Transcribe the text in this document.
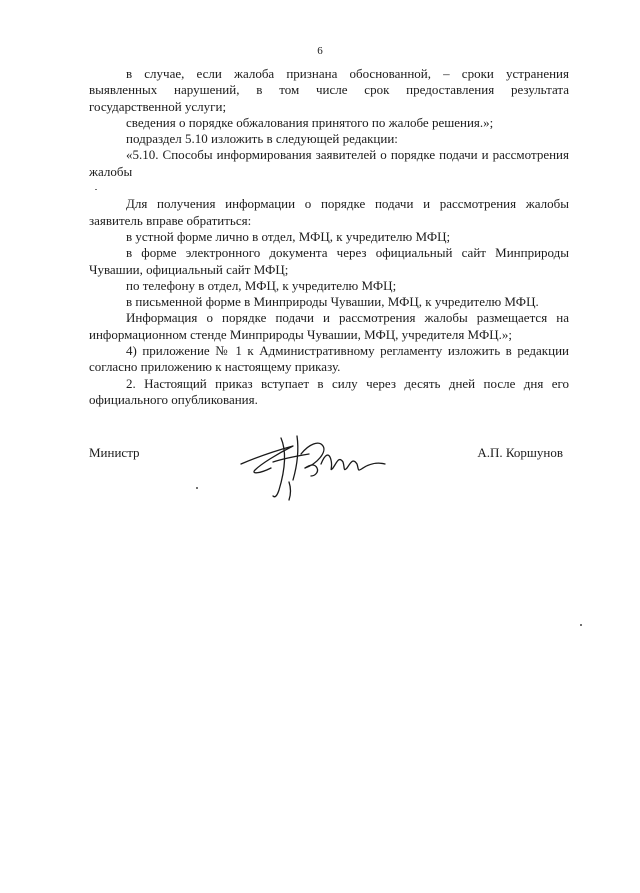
6

в случае, если жалоба признана обоснованной, – сроки устранения выявленных нарушений, в том числе срок предоставления результата государственной услуги;

сведения о порядке обжалования принятого по жалобе решения.»;

подраздел 5.10 изложить в следующей редакции:

«5.10. Способы информирования заявителей о порядке подачи и рассмотрения жалобы

Для получения информации о порядке подачи и рассмотрения жалобы заявитель вправе обратиться:

в устной форме лично в отдел, МФЦ, к учредителю МФЦ;

в форме электронного документа через официальный сайт Минприроды Чувашии, официальный сайт МФЦ;

по телефону в отдел, МФЦ, к учредителю МФЦ;

в письменной форме в Минприроды Чувашии, МФЦ, к учредителю МФЦ.

Информация о порядке подачи и рассмотрения жалобы размещается на информационном стенде Минприроды Чувашии, МФЦ, учредителя МФЦ.»;

4) приложение № 1 к Административному регламенту изложить в редакции согласно приложению к настоящему приказу.

2. Настоящий приказ вступает в силу через десять дней после дня его официального опубликования.

Министр	А.П. Коршунов
